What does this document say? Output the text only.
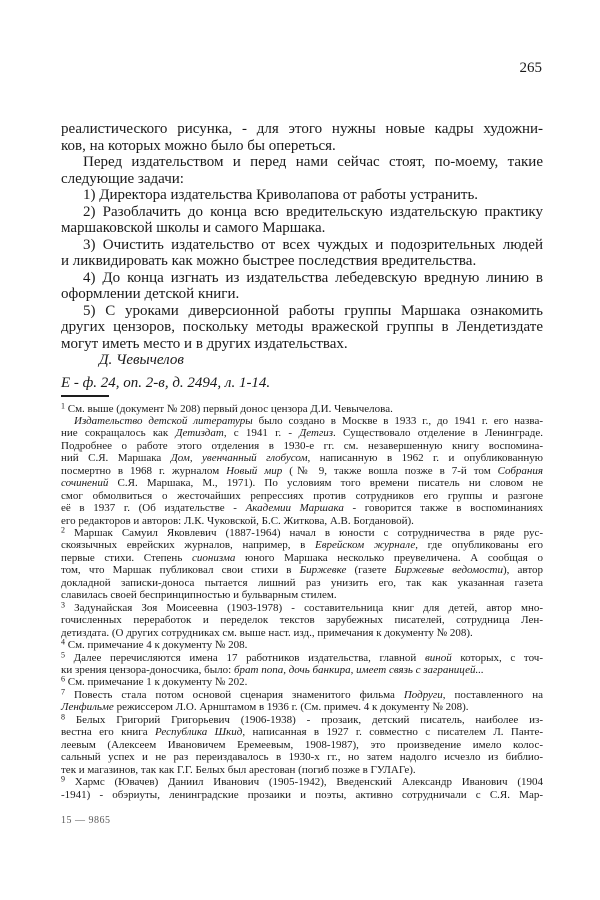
265
реалистического рисунка, - для этого нужны новые кадры художни-
ков, на которых можно было бы опереться.
Перед издательством и перед нами сейчас стоят, по-моему, такие
следующие задачи:
1) Директора издательства Криволапова от работы устранить.
2) Разоблачить до конца всю вредительскую издательскую практику
маршаковской школы и самого Маршака.
3) Очистить издательство от всех чуждых и подозрительных людей
и ликвидировать как можно быстрее последствия вредительства.
4) До конца изгнать из издательства лебедевскую вредную линию в
оформлении детской книги.
5) С уроками диверсионной работы группы Маршака ознакомить
других цензоров, поскольку методы вражеской группы в Лендетиздате
могут иметь место и в других издательствах.
Д. Чевычелов
Е - ф. 24, оп. 2-в, д. 2494, л. 1-14.
$^1$ См. выше (документ № 208) первый донос цензора Д.И. Чевычелова.
Издательство детской литературы было создано в Москве в 1933 г., до 1941 г. его назва-
ние сокращалось как Детиздат, с 1941 г. - Детгиз. Существовало отделение в Ленинграде.
Подробнее о работе этого отделения в 1930-е гг. см. незавершенную книгу воспомина-
ний С.Я. Маршака Дом, увенчанный глобусом, написанную в 1962 г. и опубликованную
посмертно в 1968 г. журналом Новый мир (№ 9, также вошла позже в 7-й том Собрания
сочинений С.Я. Маршака, М., 1971). По условиям того времени писатель ни словом не
смог обмолвиться о жесточайших репрессиях против сотрудников его группы и разгоне
её в 1937 г. (Об издательстве - Академии Маршака - говорится также в воспоминаниях
его редакторов и авторов: Л.К. Чуковской, Б.С. Житкова, А.В. Богдановой).
$^2$ Маршак Самуил Яковлевич (1887-1964) начал в юности с сотрудничества в ряде рус-
скоязычных еврейских журналов, например, в Еврейском журнале, где опубликованы его
первые стихи. Степень сионизма юного Маршака несколько преувеличена. А сообщая о
том, что Маршак публиковал свои стихи в Биржевке (газете Биржевые ведомости), автор
докладной записки-доноса пытается лишний раз унизить его, так как указанная газета
славилась своей беспринципностью и бульварным стилем.
$^3$ Задунайская Зоя Моисеевна (1903-1978) - составительница книг для детей, автор мно-
гочисленных переработок и переделок текстов зарубежных писателей, сотрудница Лен-
детиздата. (О других сотрудниках см. выше наст. изд., примечания к документу № 208).
$^4$ См. примечание 4 к документу № 208.
$^5$ Далее перечисляются имена 17 работников издательства, главной виной которых, с точ-
ки зрения цензора-доносчика, было: брат попа, дочь банкира, имеет связь с заграницей...
$^6$ См. примечание 1 к документу № 202.
$^7$ Повесть стала потом основой сценария знаменитого фильма Подруги, поставленного на
Ленфильме режиссером Л.О. Арнштамом в 1936 г. (См. примеч. 4 к документу № 208).
$^8$ Белых Григорий Григорьевич (1906-1938) - прозаик, детский писатель, наиболее из-
вестна его книга Республика Шкид, написанная в 1927 г. совместно с писателем Л. Панте-
леевым (Алексеем Ивановичем Еремеевым, 1908-1987), это произведение имело колос-
сальный успех и не раз переиздавалось в 1930-х гг., но затем надолго исчезло из библио-
тек и магазинов, так как Г.Г. Белых был арестован (погиб позже в ГУЛАГе).
$^9$ Хармс (Ювачев) Даниил Иванович (1905-1942), Введенский Александр Иванович (1904
-1941) - обэриуты, ленинградские прозаики и поэты, активно сотрудничали с С.Я. Мар-
15 — 9865
